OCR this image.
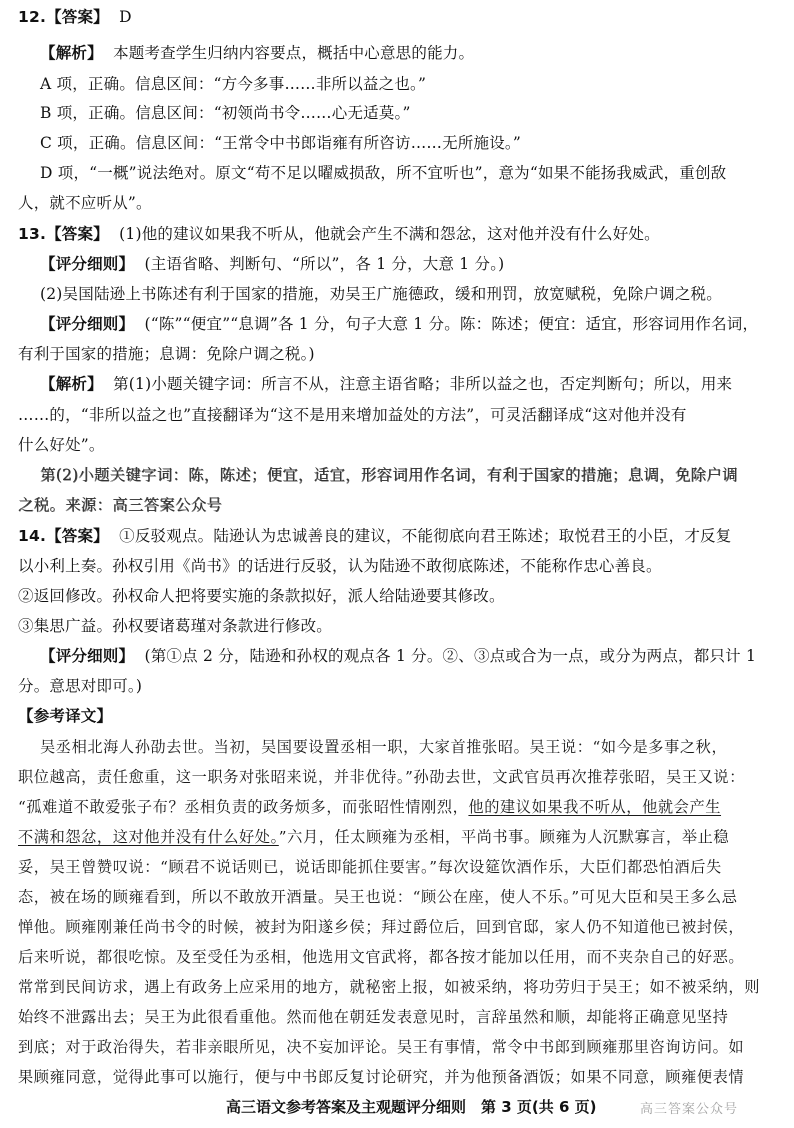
12.【答案】 D
【解析】 本题考查学生归纳内容要点，概括中心意思的能力。
A 项，正确。信息区间：“方今多事……非所以益之也。”
B 项，正确。信息区间：“初领尚书令……心无适莫。”
C 项，正确。信息区间：“王常令中书郎诣雍有所咨访……无所施设。”
D 项，“一概”说法绝对。原文“苟不足以曜威损敌，所不宜听也”，意为“如果不能扬我威武，重创敌
人，就不应听从”。
13.【答案】 (1)他的建议如果我不听从，他就会产生不满和怨忿，这对他并没有什么好处。
【评分细则】 (主语省略、判断句、“所以”，各 1 分，大意 1 分。)
(2)吴国陆逊上书陈述有利于国家的措施，劝吴王广施德政，缓和刑罚，放宽赋税，免除户调之税。
【评分细则】 (“陈”“便宜”“息调”各 1 分，句子大意 1 分。陈：陈述；便宜：适宜，形容词用作名词，
有利于国家的措施；息调：免除户调之税。)
【解析】 第(1)小题关键字词：所言不从，注意主语省略；非所以益之也，否定判断句；所以，用来
……的，“非所以益之也”直接翻译为“这不是用来增加益处的方法”，可灵活翻译成“这对他并没有
什么好处”。
第(2)小题关键字词：陈，陈述；便宜，适宜，形容词用作名词，有利于国家的措施；息调，免除户调
之税。来源：高三答案公众号
14.【答案】 ①反驳观点。陆逊认为忠诚善良的建议，不能彻底向君王陈述；取悦君王的小臣，才反复
以小利上奏。孙权引用《尚书》的话进行反驳，认为陆逊不敢彻底陈述，不能称作忠心善良。
②返回修改。孙权命人把将要实施的条款拟好，派人给陆逊要其修改。
③集思广益。孙权要诸葛瑾对条款进行修改。
【评分细则】 (第①点 2 分，陆逊和孙权的观点各 1 分。②、③点或合为一点，或分为两点，都只计 1
分。意思对即可。)
【参考译文】
吴丞相北海人孙劭去世。当初，吴国要设置丞相一职，大家首推张昭。吴王说：“如今是多事之秋，
职位越高，责任愈重，这一职务对张昭来说，并非优待。”孙劭去世，文武官员再次推荐张昭，吴王又说：
“孤难道不敢爱张子布？丞相负责的政务烦多，而张昭性情刚烈，他的建议如果我不听从，他就会产生
不满和怨忿，这对他并没有什么好处。”六月，任太顾雍为丞相，平尚书事。顾雍为人沉默寡言，举止稳
妥，吴王曾赞叹说：“顾君不说话则已，说话即能抓住要害。”每次设筵饮酒作乐，大臣们都恐怕酒后失
态，被在场的顾雍看到，所以不敢放开酒量。吴王也说：“顾公在座，使人不乐。”可见大臣和吴王多么忌
惮他。顾雍刚兼任尚书令的时候，被封为阳遂乡侯；拜过爵位后，回到官邸，家人仍不知道他已被封侯，
后来听说，都很吃惊。及至受任为丞相，他选用文官武将，都各按才能加以任用，而不夹杂自己的好恶。
常常到民间访求，遇上有政务上应采用的地方，就秘密上报，如被采纳，将功劳归于吴王；如不被采纳，则
始终不泄露出去；吴王为此很看重他。然而他在朝廷发表意见时，言辞虽然和顺，却能将正确意见坚持
到底；对于政治得失，若非亲眼所见，决不妄加评论。吴王有事情，常令中书郎到顾雍那里咨询访问。如
果顾雍同意，觉得此事可以施行，便与中书郎反复讨论研究，并为他预备酒饭；如果不同意，顾雍便表情
高三语文参考答案及主观题评分细则　第 3 页(共 6 页)	高三答案公众号
